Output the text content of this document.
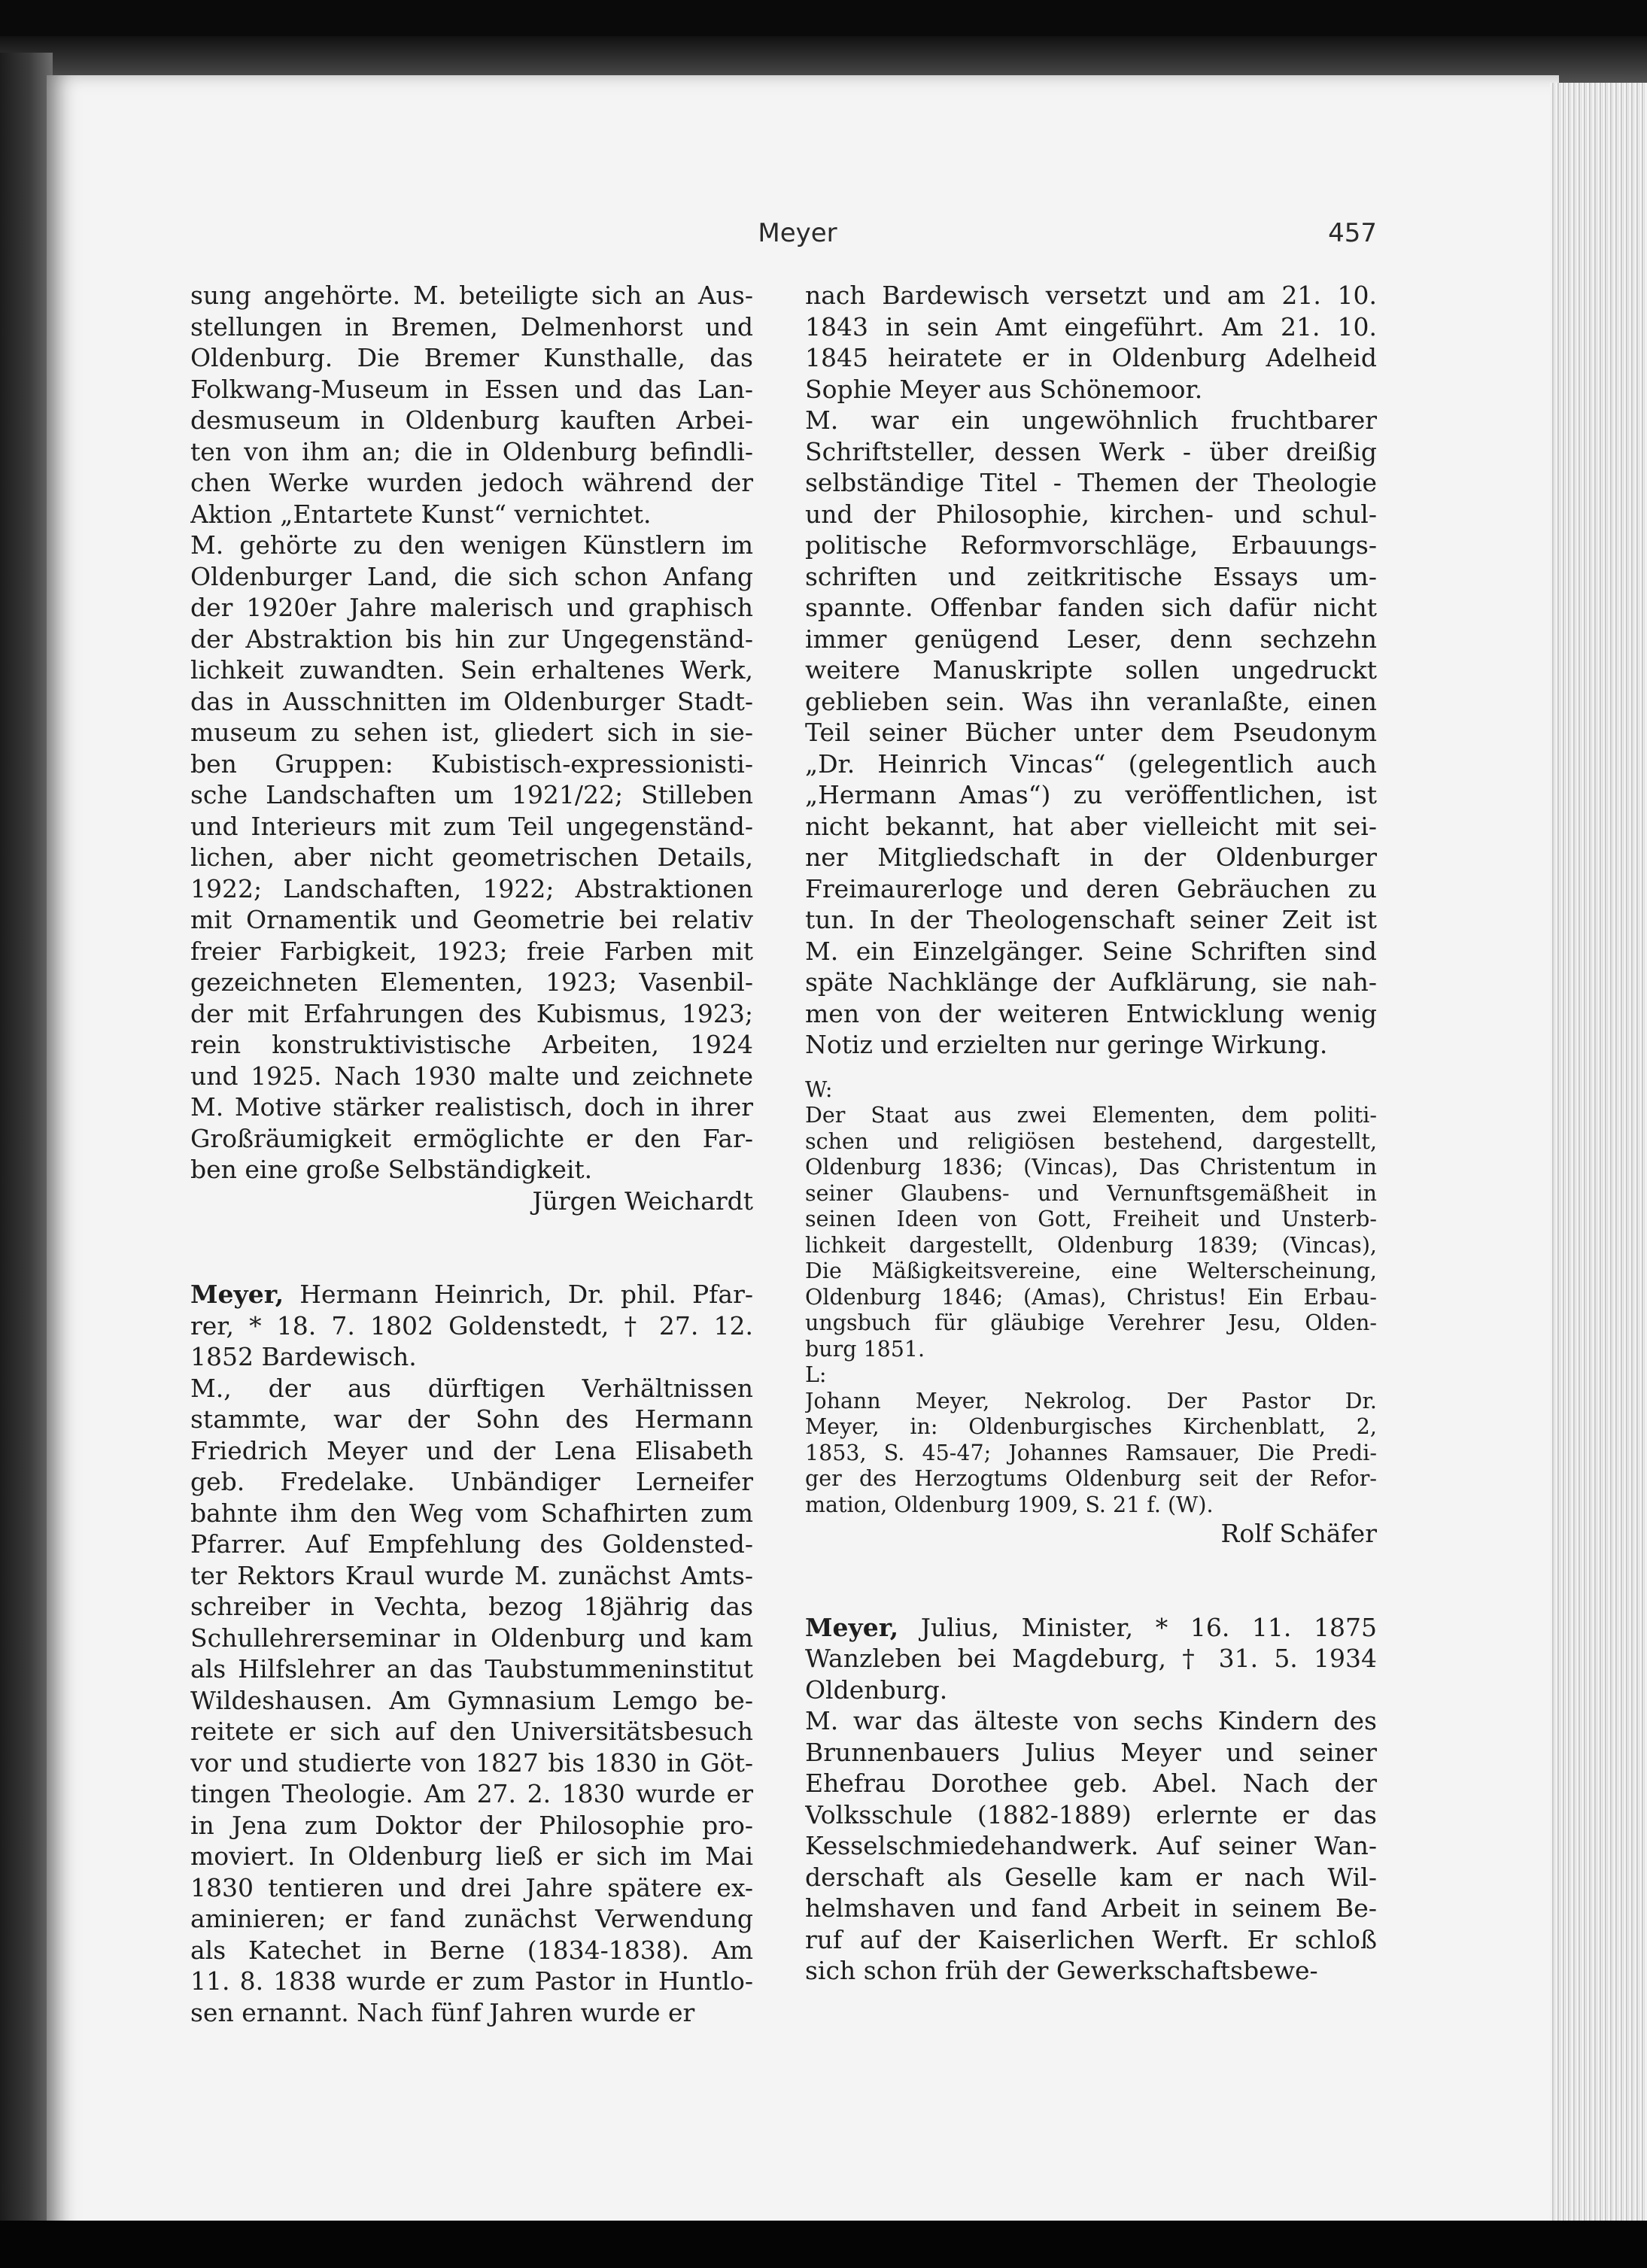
Meyer	457
sung angehörte. M. beteiligte sich an Aus-
stellungen in Bremen, Delmenhorst und
Oldenburg. Die Bremer Kunsthalle, das
Folkwang-Museum in Essen und das Lan-
desmuseum in Oldenburg kauften Arbei-
ten von ihm an; die in Oldenburg befindli-
chen Werke wurden jedoch während der
Aktion „Entartete Kunst“ vernichtet.
M. gehörte zu den wenigen Künstlern im
Oldenburger Land, die sich schon Anfang
der 1920er Jahre malerisch und graphisch
der Abstraktion bis hin zur Ungegenständ-
lichkeit zuwandten. Sein erhaltenes Werk,
das in Ausschnitten im Oldenburger Stadt-
museum zu sehen ist, gliedert sich in sie-
ben Gruppen: Kubistisch-expressionisti-
sche Landschaften um 1921/22; Stilleben
und Interieurs mit zum Teil ungegenständ-
lichen, aber nicht geometrischen Details,
1922; Landschaften, 1922; Abstraktionen
mit Ornamentik und Geometrie bei relativ
freier Farbigkeit, 1923; freie Farben mit
gezeichneten Elementen, 1923; Vasenbil-
der mit Erfahrungen des Kubismus, 1923;
rein konstruktivistische Arbeiten, 1924
und 1925. Nach 1930 malte und zeichnete
M. Motive stärker realistisch, doch in ihrer
Großräumigkeit ermöglichte er den Far-
ben eine große Selbständigkeit.
Jürgen Weichardt
Meyer, Hermann Heinrich, Dr. phil. Pfar-
rer, * 18. 7. 1802 Goldenstedt, † 27. 12.
1852 Bardewisch.
M., der aus dürftigen Verhältnissen
stammte, war der Sohn des Hermann
Friedrich Meyer und der Lena Elisabeth
geb. Fredelake. Unbändiger Lerneifer
bahnte ihm den Weg vom Schafhirten zum
Pfarrer. Auf Empfehlung des Goldensted-
ter Rektors Kraul wurde M. zunächst Amts-
schreiber in Vechta, bezog 18jährig das
Schullehrerseminar in Oldenburg und kam
als Hilfslehrer an das Taubstummeninstitut
Wildeshausen. Am Gymnasium Lemgo be-
reitete er sich auf den Universitätsbesuch
vor und studierte von 1827 bis 1830 in Göt-
tingen Theologie. Am 27. 2. 1830 wurde er
in Jena zum Doktor der Philosophie pro-
moviert. In Oldenburg ließ er sich im Mai
1830 tentieren und drei Jahre spätere ex-
aminieren; er fand zunächst Verwendung
als Katechet in Berne (1834-1838). Am
11. 8. 1838 wurde er zum Pastor in Huntlo-
sen ernannt. Nach fünf Jahren wurde er
nach Bardewisch versetzt und am 21. 10.
1843 in sein Amt eingeführt. Am 21. 10.
1845 heiratete er in Oldenburg Adelheid
Sophie Meyer aus Schönemoor.
M. war ein ungewöhnlich fruchtbarer
Schriftsteller, dessen Werk - über dreißig
selbständige Titel - Themen der Theologie
und der Philosophie, kirchen- und schul-
politische Reformvorschläge, Erbauungs-
schriften und zeitkritische Essays um-
spannte. Offenbar fanden sich dafür nicht
immer genügend Leser, denn sechzehn
weitere Manuskripte sollen ungedruckt
geblieben sein. Was ihn veranlaßte, einen
Teil seiner Bücher unter dem Pseudonym
„Dr. Heinrich Vincas“ (gelegentlich auch
„Hermann Amas“) zu veröffentlichen, ist
nicht bekannt, hat aber vielleicht mit sei-
ner Mitgliedschaft in der Oldenburger
Freimaurerloge und deren Gebräuchen zu
tun. In der Theologenschaft seiner Zeit ist
M. ein Einzelgänger. Seine Schriften sind
späte Nachklänge der Aufklärung, sie nah-
men von der weiteren Entwicklung wenig
Notiz und erzielten nur geringe Wirkung.
W:
Der Staat aus zwei Elementen, dem politi-
schen und religiösen bestehend, dargestellt,
Oldenburg 1836; (Vincas), Das Christentum in
seiner Glaubens- und Vernunftsgemäßheit in
seinen Ideen von Gott, Freiheit und Unsterb-
lichkeit dargestellt, Oldenburg 1839; (Vincas),
Die Mäßigkeitsvereine, eine Welterscheinung,
Oldenburg 1846; (Amas), Christus! Ein Erbau-
ungsbuch für gläubige Verehrer Jesu, Olden-
burg 1851.
L:
Johann Meyer, Nekrolog. Der Pastor Dr.
Meyer, in: Oldenburgisches Kirchenblatt, 2,
1853, S. 45-47; Johannes Ramsauer, Die Predi-
ger des Herzogtums Oldenburg seit der Refor-
mation, Oldenburg 1909, S. 21 f. (W).
Rolf Schäfer
Meyer, Julius, Minister, * 16. 11. 1875
Wanzleben bei Magdeburg, † 31. 5. 1934
Oldenburg.
M. war das älteste von sechs Kindern des
Brunnenbauers Julius Meyer und seiner
Ehefrau Dorothee geb. Abel. Nach der
Volksschule (1882-1889) erlernte er das
Kesselschmiedehandwerk. Auf seiner Wan-
derschaft als Geselle kam er nach Wil-
helmshaven und fand Arbeit in seinem Be-
ruf auf der Kaiserlichen Werft. Er schloß
sich schon früh der Gewerkschaftsbewe-
